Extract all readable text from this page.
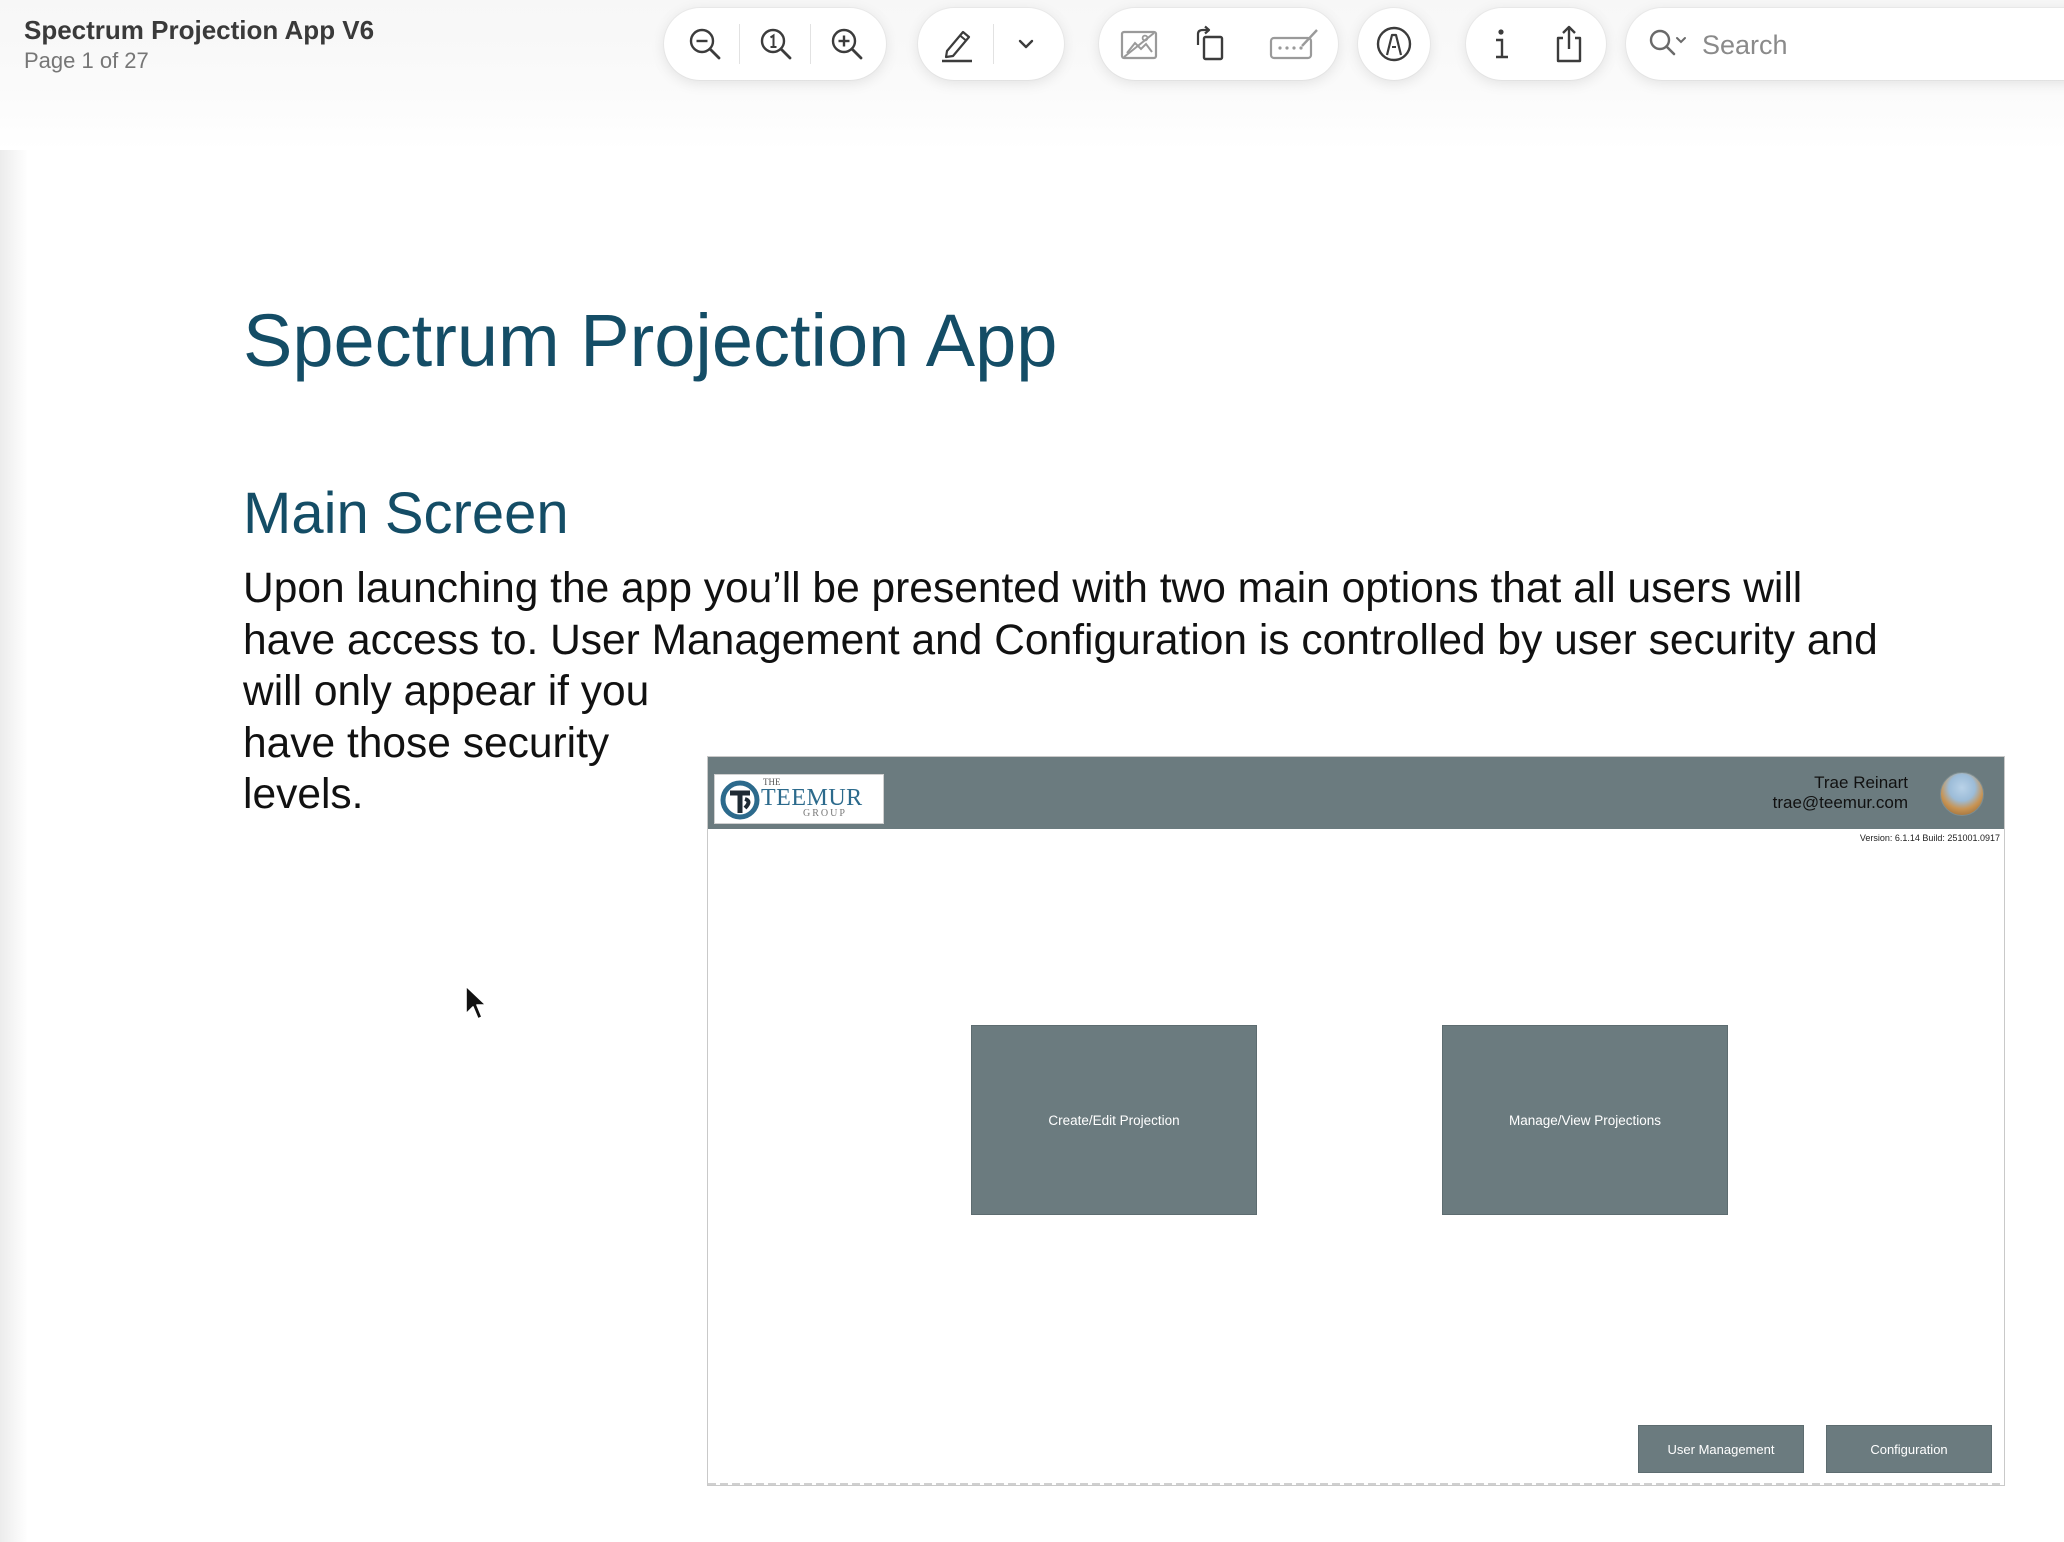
Spectrum Projection App V6
Page 1 of 27
Search
Spectrum Projection App
Main Screen
Upon launching the app you’ll be presented with two main options that all users will
have access to. User Management and Configuration is controlled by user security and
will only appear if you
have those security
levels.	THE
TEEMUR
GROUP
Trae Reinart
trae@teemur.com
Version: 6.1.14 Build: 251001.0917
Create/Edit Projection	Manage/View Projections
User Management	Configuration
